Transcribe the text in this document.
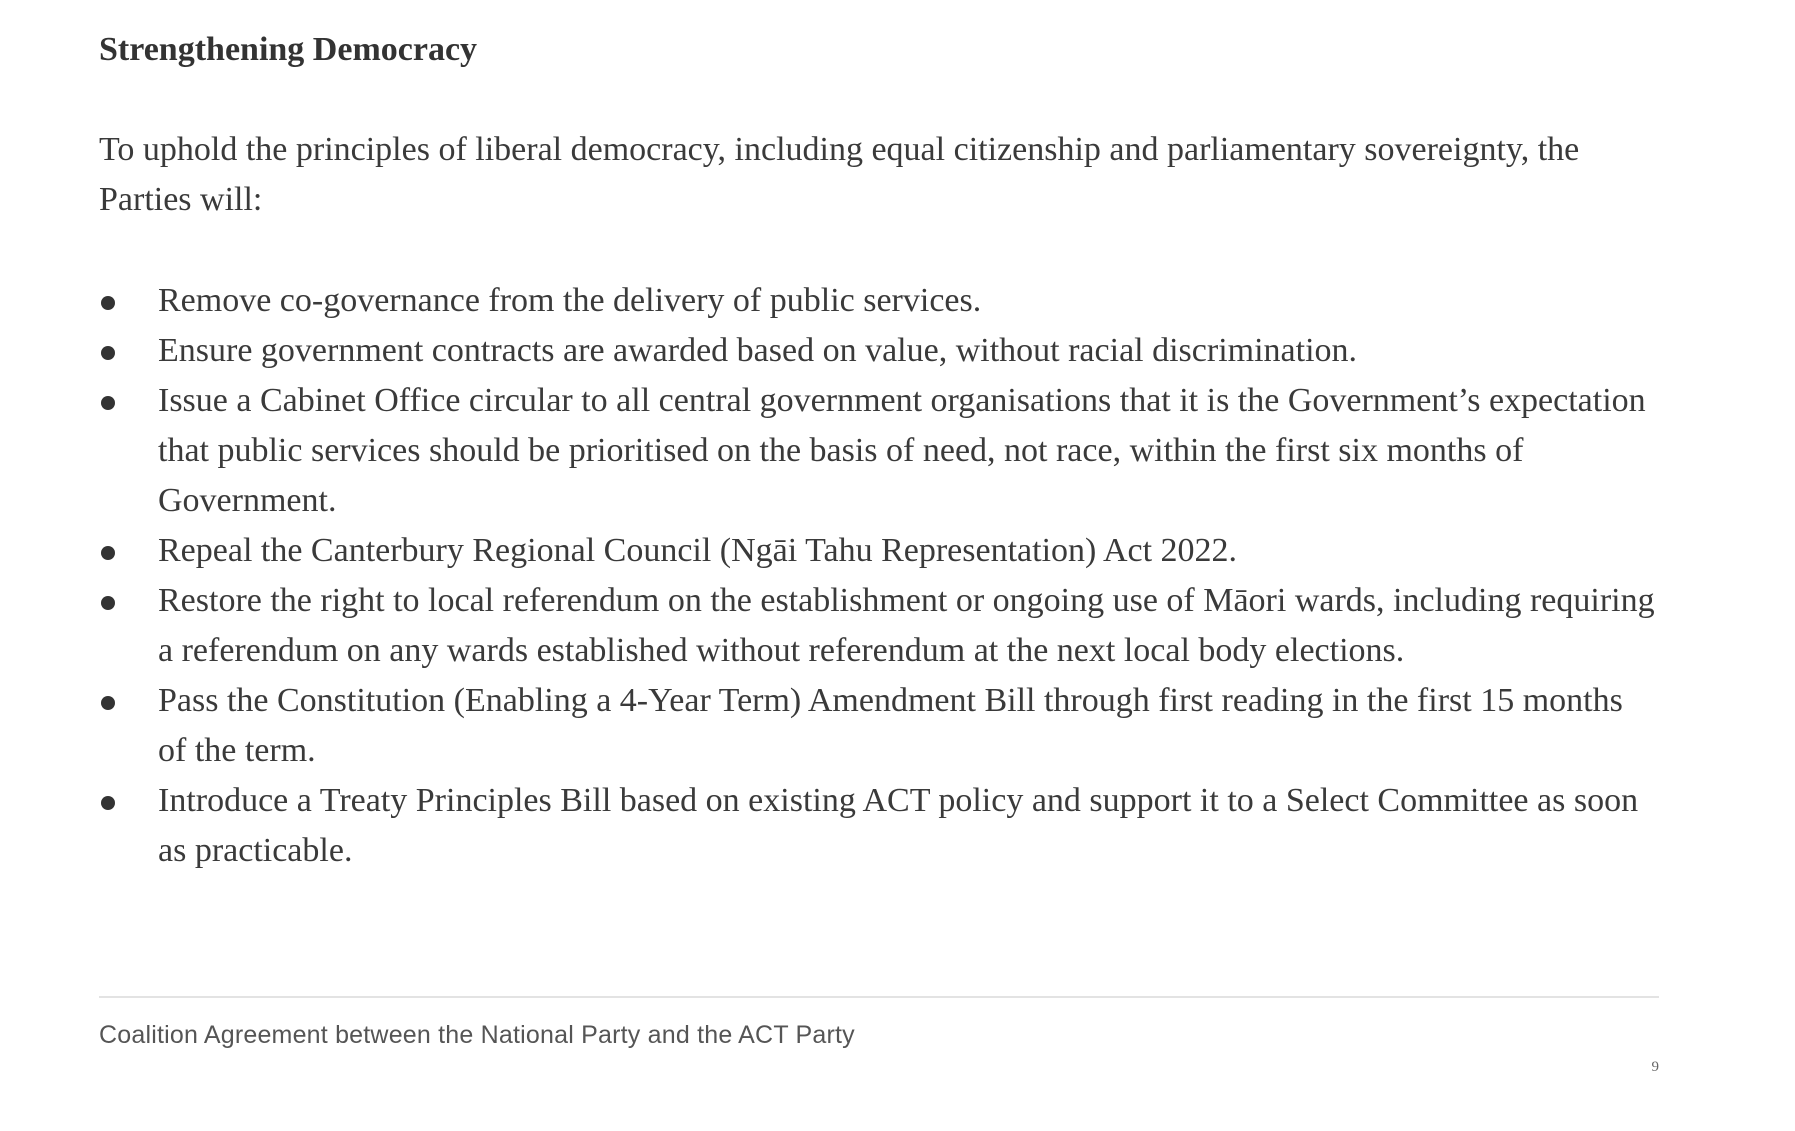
Strengthening Democracy

To uphold the principles of liberal democracy, including equal citizenship and parliamentary sovereignty, the Parties will:

Remove co-governance from the delivery of public services.
Ensure government contracts are awarded based on value, without racial discrimination.
Issue a Cabinet Office circular to all central government organisations that it is the Government’s expectation that public services should be prioritised on the basis of need, not race, within the first six months of Government.
Repeal the Canterbury Regional Council (Ngāi Tahu Representation) Act 2022.
Restore the right to local referendum on the establishment or ongoing use of Māori wards, including requiring a referendum on any wards established without referendum at the next local body elections.
Pass the Constitution (Enabling a 4-Year Term) Amendment Bill through first reading in the first 15 months of the term.
Introduce a Treaty Principles Bill based on existing ACT policy and support it to a Select Committee as soon as practicable.
Coalition Agreement between the National Party and the ACT Party
9
